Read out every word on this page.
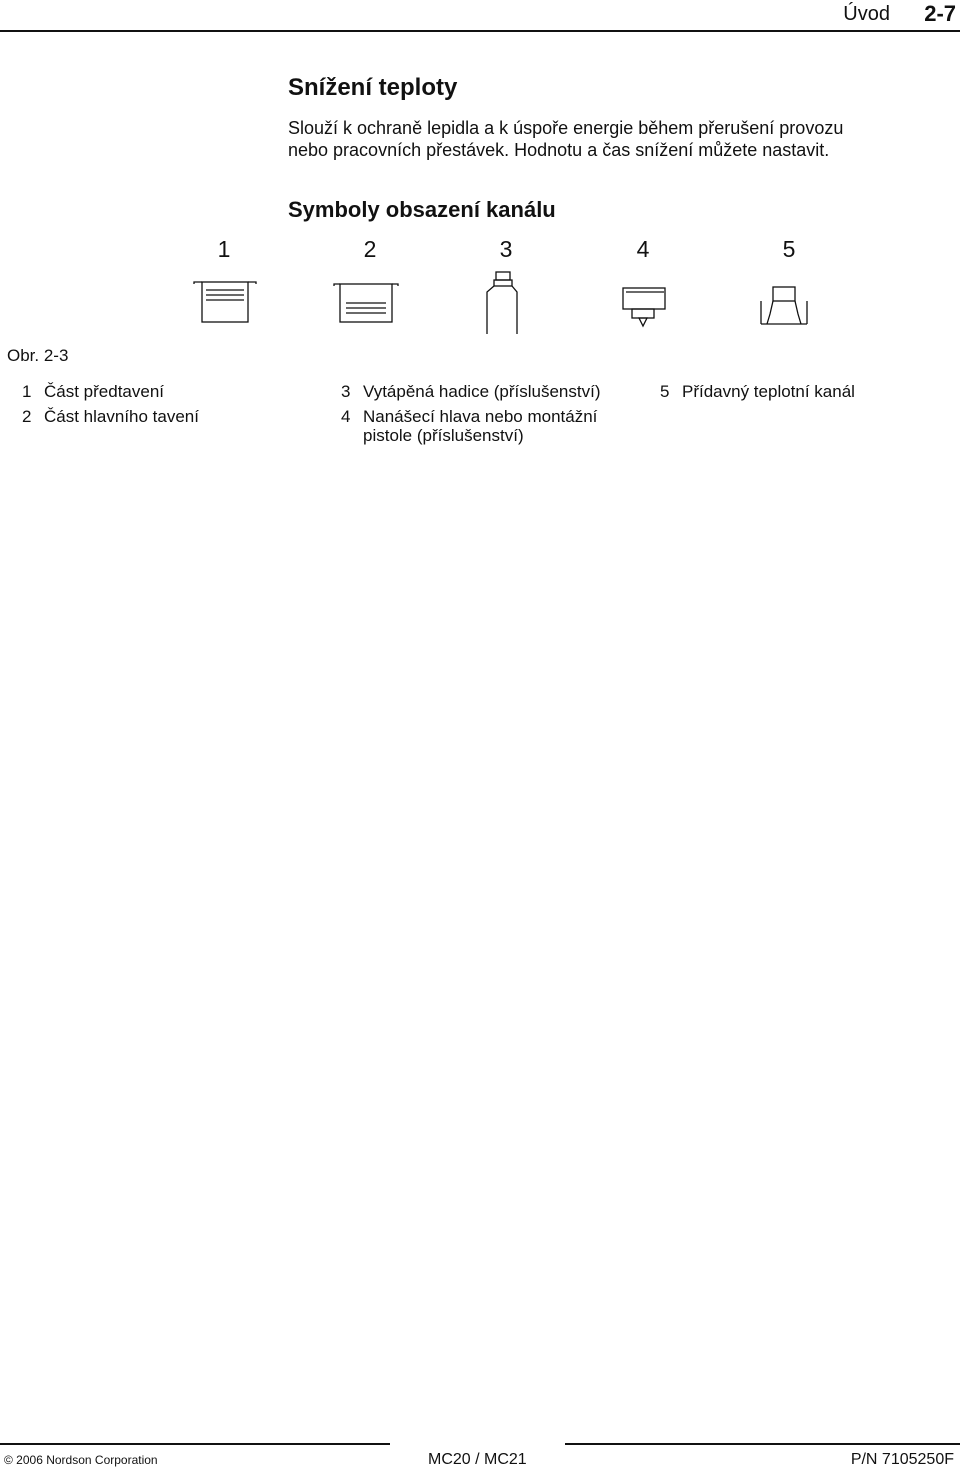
Úvod 2-7
Snížení teploty
Slouží k ochraně lepidla a k úspoře energie během přerušení provozu
nebo pracovních přestávek. Hodnotu a čas snížení můžete nastavit.
Symboly obsazení kanálu
1	2	3	4	5
Obr. 2-3
1 Část předtavení
2 Část hlavního tavení
3 Vytápěná hadice (příslušenství)
4 Nanášecí hlava nebo montážní
pistole (příslušenství)
5 Přídavný teplotní kanál
© 2006 Nordson Corporation	MC20 / MC21	P/N 7105250F
